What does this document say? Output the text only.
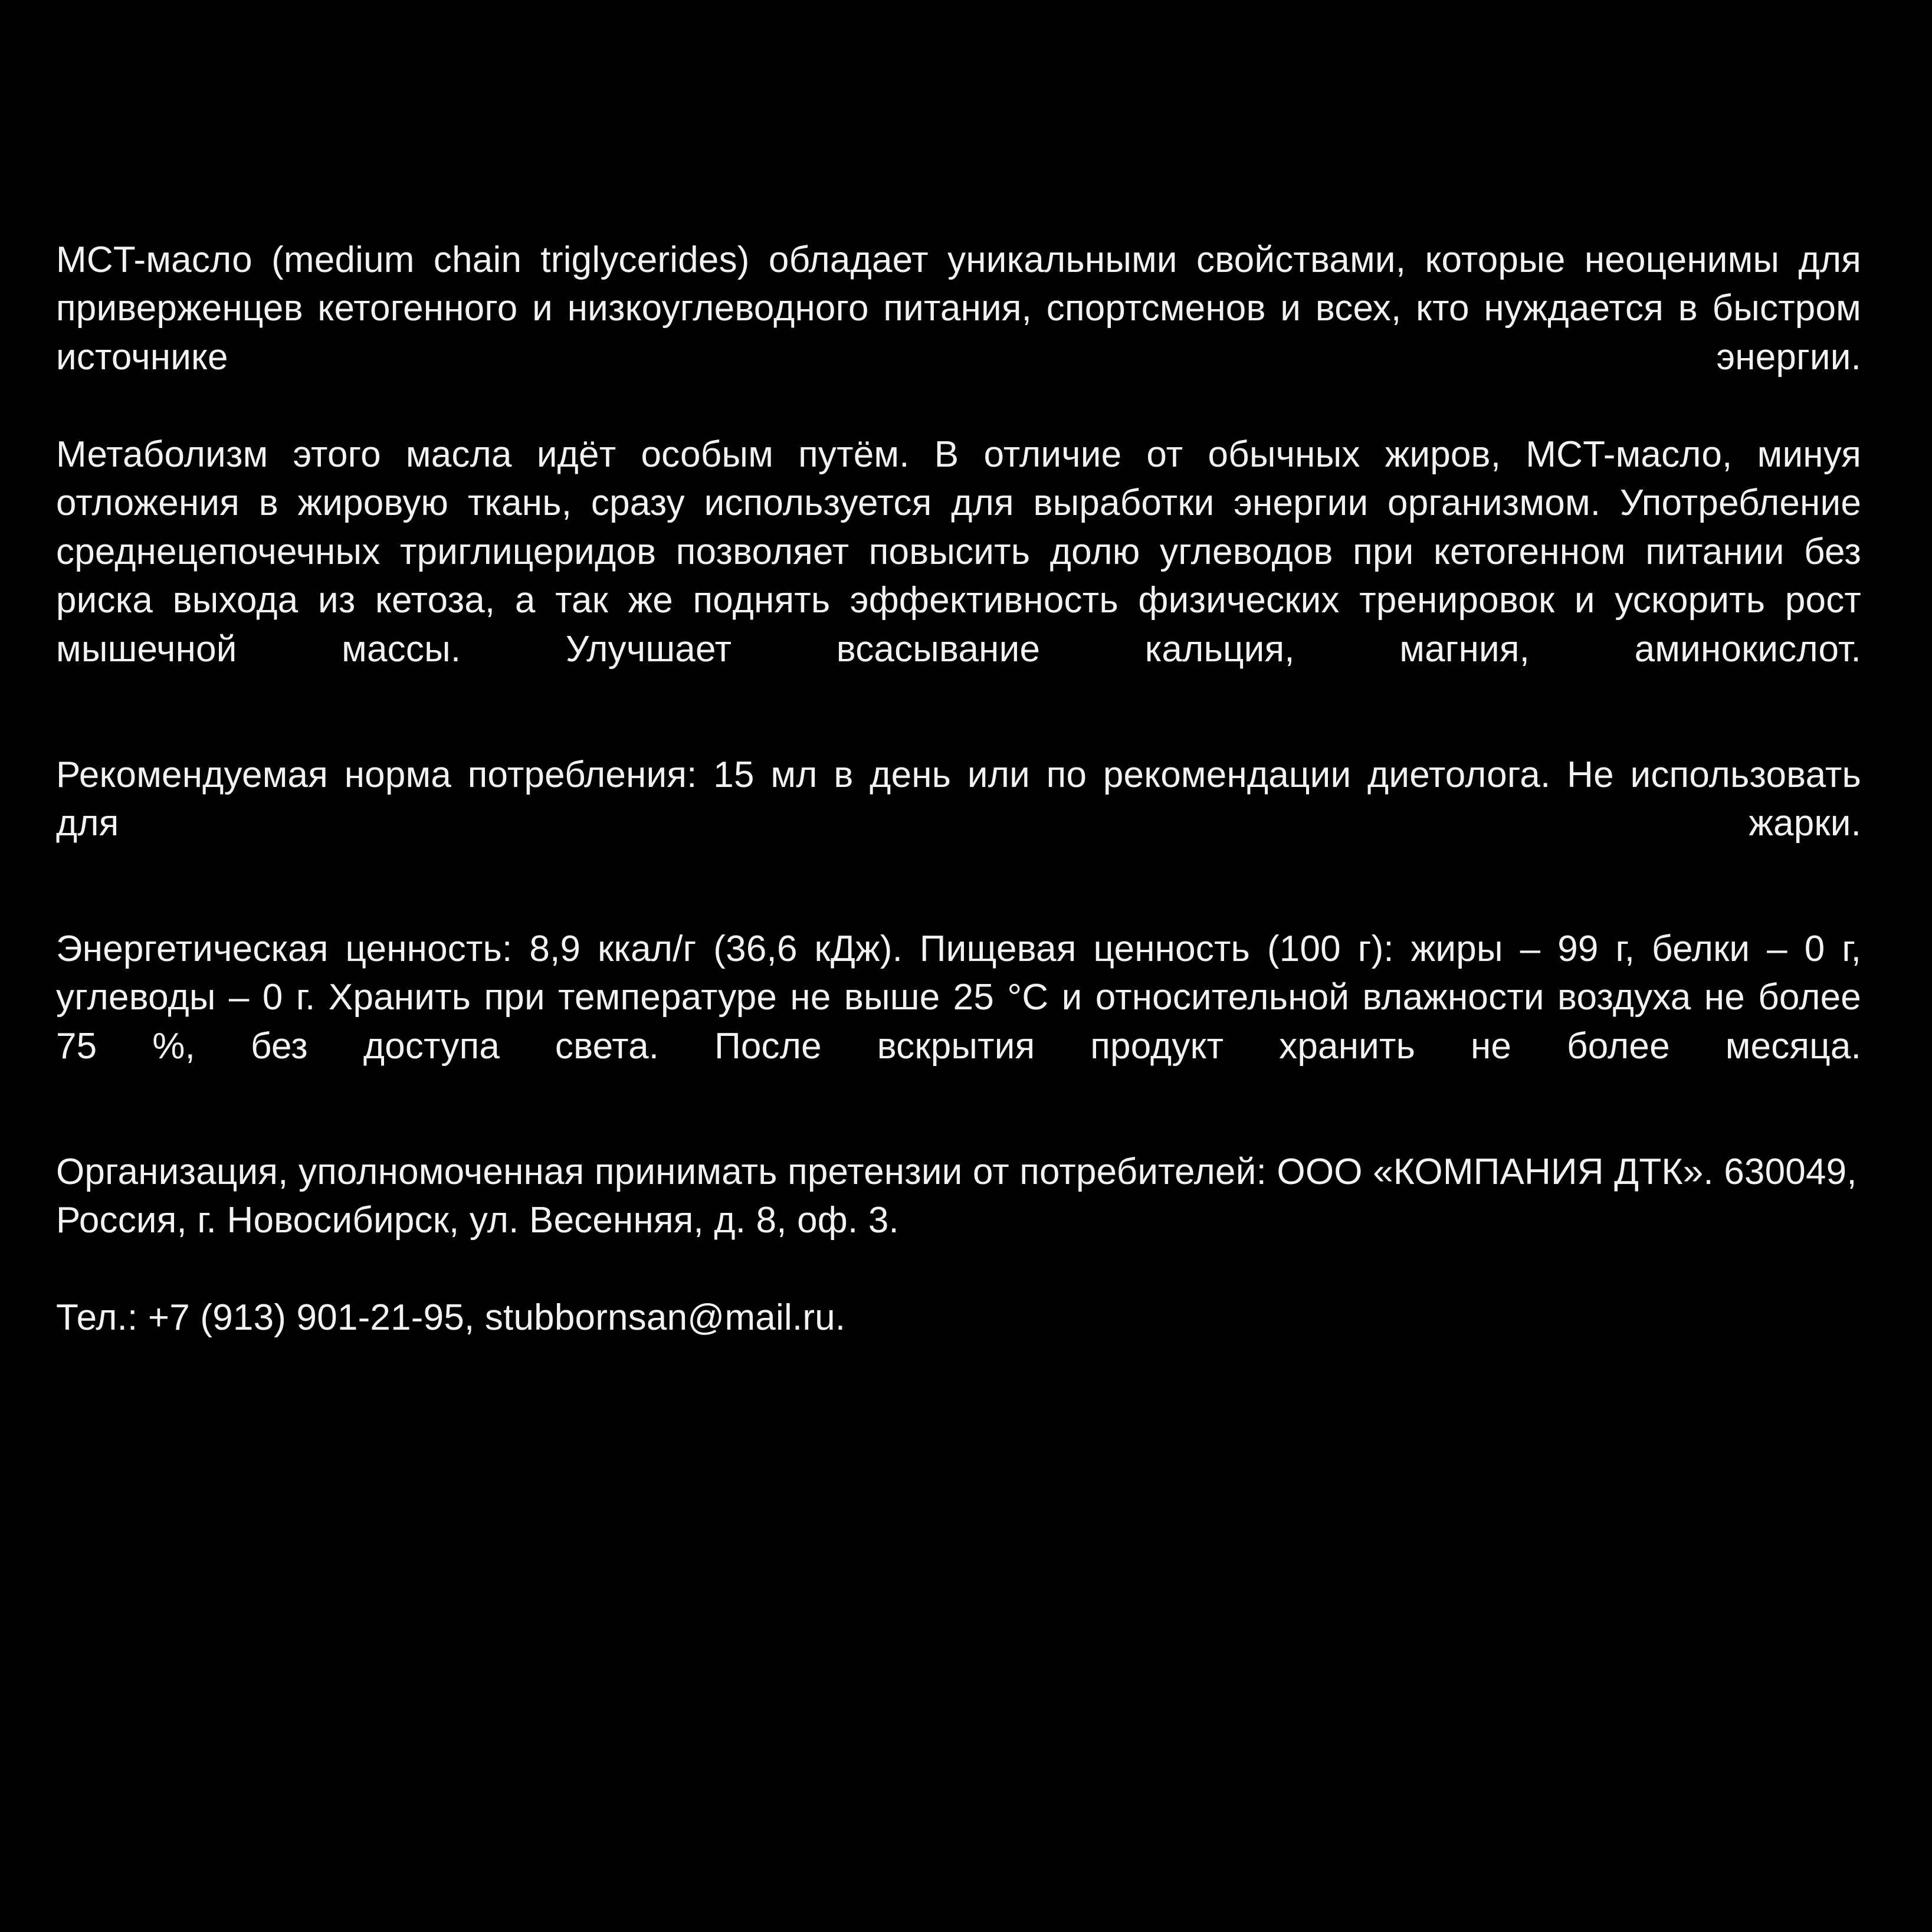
MCT-масло (medium chain triglycerides) обладает уникальными свойствами, которые неоценимы для приверженцев кетогенного и низкоуглеводного питания, спортсменов и всех, кто нуждается в быстром источнике энергии.

Метаболизм этого масла идёт особым путём. В отличие от обычных жиров, MCT-масло, минуя отложения в жировую ткань, сразу используется для выработки энергии организмом. Употребление среднецепочечных триглицеридов позволяет повысить долю углеводов при кетогенном питании без риска выхода из кетоза, а так же поднять эффективность физических тренировок и ускорить рост мышечной массы. Улучшает всасывание кальция, магния, аминокислот.

Рекомендуемая норма потребления: 15 мл в день или по рекомендации диетолога. Не использовать для жарки.

Энергетическая ценность: 8,9 ккал/г (36,6 кДж). Пищевая ценность (100 г): жиры – 99 г, белки – 0 г, углеводы – 0 г. Хранить при температуре не выше 25 °C и относительной влажности воздуха не более 75 %, без доступа света. После вскрытия продукт хранить не более месяца.

Организация, уполномоченная принимать претензии от потребителей: ООО «КОМПАНИЯ ДТК». 630049, Россия, г. Новосибирск, ул. Весенняя, д. 8, оф. 3.

Тел.: +7 (913) 901-21-95, stubbornsan@mail.ru.
